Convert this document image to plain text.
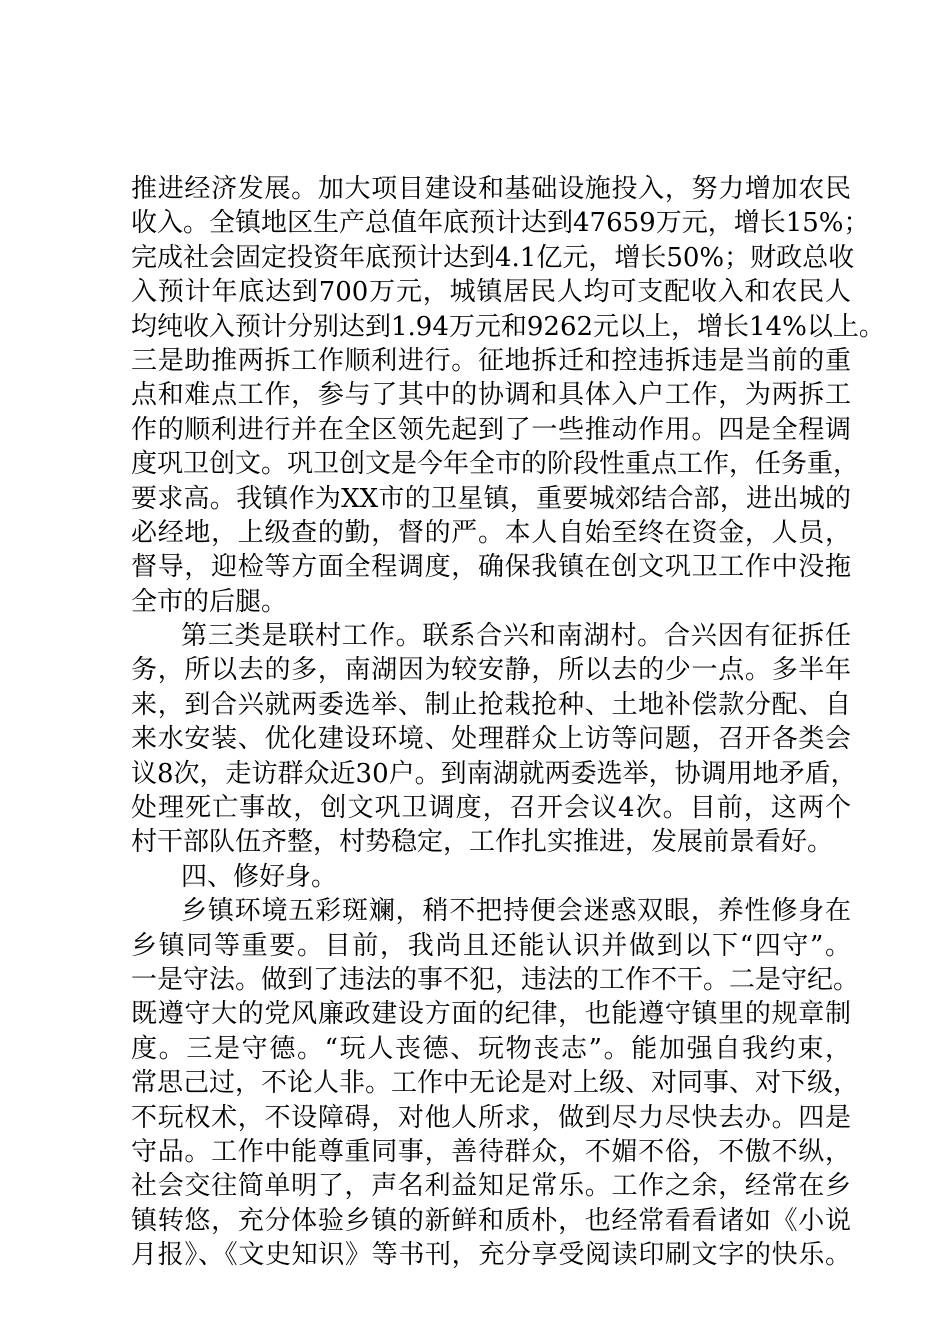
推进经济发展。加大项目建设和基础设施投入，努力增加农民
收入。全镇地区生产总值年底预计达到47659万元，增长15%；
完成社会固定投资年底预计达到4.1亿元，增长50%；财政总收
入预计年底达到700万元，城镇居民人均可支配收入和农民人
均纯收入预计分别达到1.94万元和9262元以上，增长14%以上。
三是助推两拆工作顺利进行。征地拆迁和控违拆违是当前的重
点和难点工作，参与了其中的协调和具体入户工作，为两拆工
作的顺利进行并在全区领先起到了一些推动作用。四是全程调
度巩卫创文。巩卫创文是今年全市的阶段性重点工作，任务重，
要求高。我镇作为XX市的卫星镇，重要城郊结合部，进出城的
必经地，上级查的勤，督的严。本人自始至终在资金，人员，
督导，迎检等方面全程调度，确保我镇在创文巩卫工作中没拖
全市的后腿。
第三类是联村工作。联系合兴和南湖村。合兴因有征拆任
务，所以去的多，南湖因为较安静，所以去的少一点。多半年
来，到合兴就两委选举、制止抢栽抢种、土地补偿款分配、自
来水安装、优化建设环境、处理群众上访等问题，召开各类会
议8次，走访群众近30户。到南湖就两委选举，协调用地矛盾，
处理死亡事故，创文巩卫调度，召开会议4次。目前，这两个
村干部队伍齐整，村势稳定，工作扎实推进，发展前景看好。
四、修好身。
乡镇环境五彩斑斓，稍不把持便会迷惑双眼，养性修身在
乡镇同等重要。目前，我尚且还能认识并做到以下“四守”。
一是守法。做到了违法的事不犯，违法的工作不干。二是守纪。
既遵守大的党风廉政建设方面的纪律，也能遵守镇里的规章制
度。三是守德。“玩人丧德、玩物丧志”。能加强自我约束，
常思己过，不论人非。工作中无论是对上级、对同事、对下级，
不玩权术，不设障碍，对他人所求，做到尽力尽快去办。四是
守品。工作中能尊重同事，善待群众，不媚不俗，不傲不纵，
社会交往简单明了，声名利益知足常乐。工作之余，经常在乡
镇转悠，充分体验乡镇的新鲜和质朴，也经常看看诸如《小说
月报》、《文史知识》等书刊，充分享受阅读印刷文字的快乐。
